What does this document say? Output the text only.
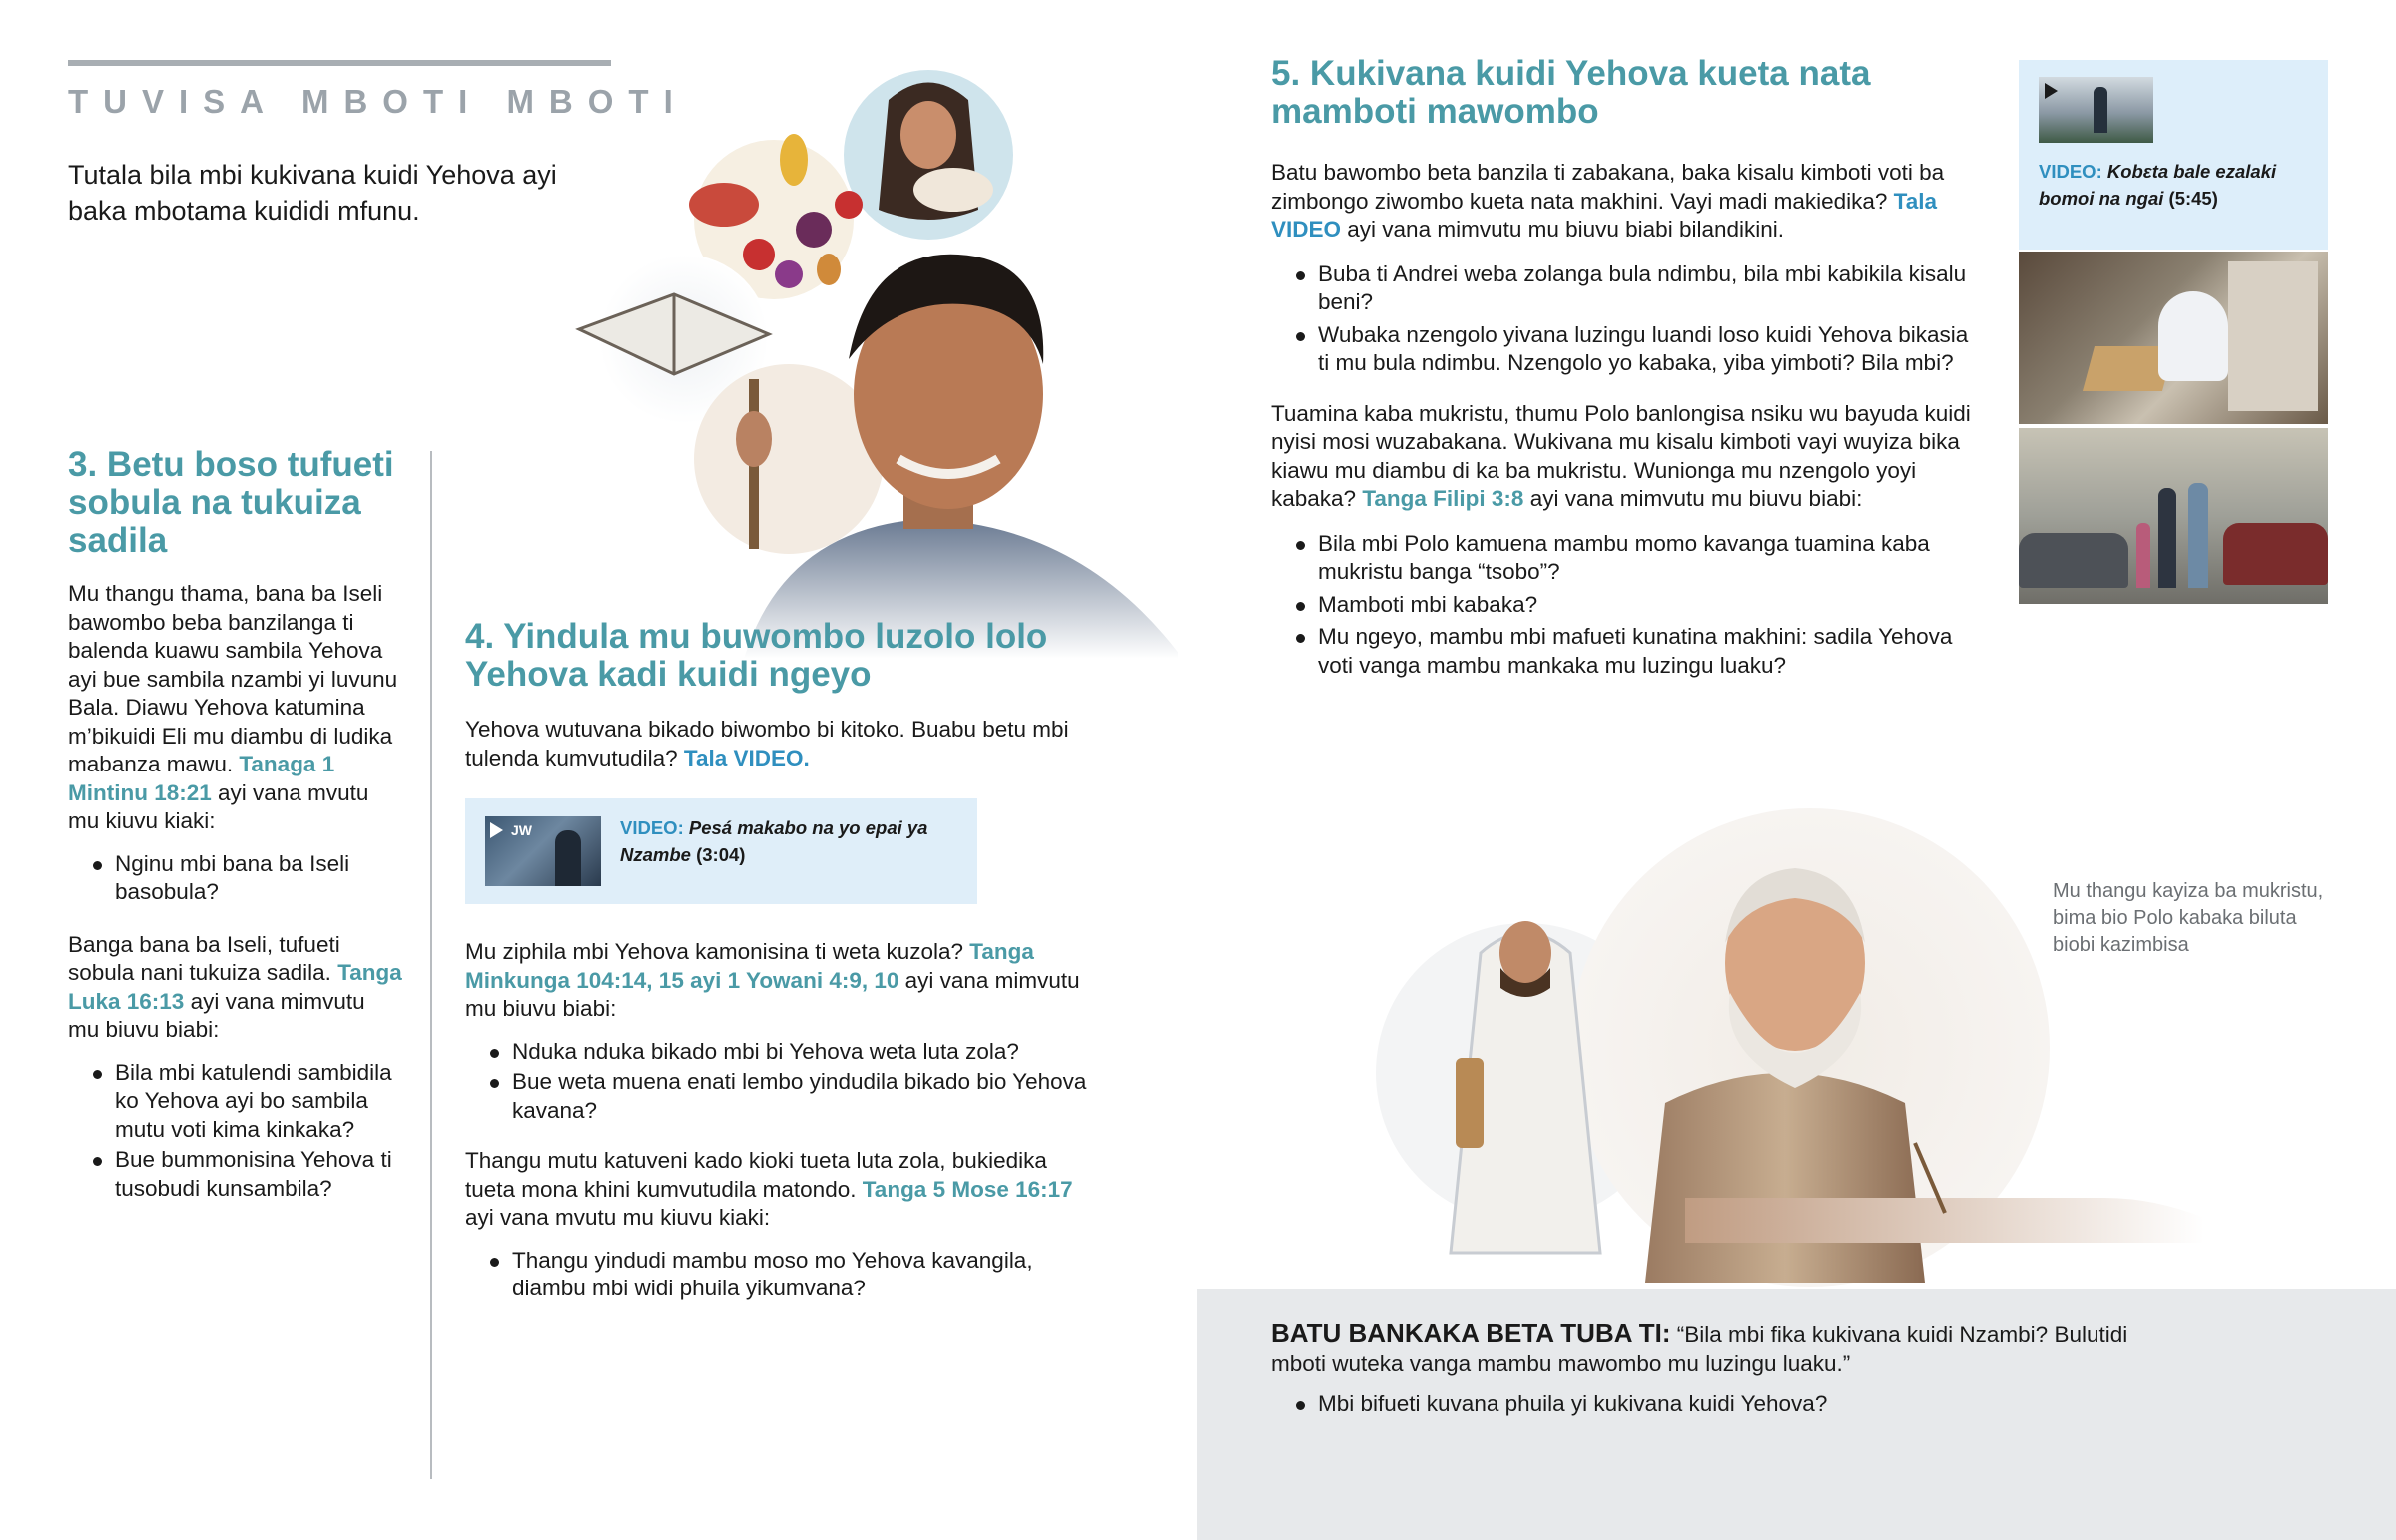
TUVISA MBOTI MBOTI
Tutala bila mbi kukivana kuidi Yehova ayi baka mbotama kuididi mfunu.
3. Betu boso tufueti sobula na tukuiza sadila

Mu thangu thama, bana ba Iseli bawombo beba banzilanga ti balenda kuawu sambila Yehova ayi bue sambila nzambi yi luvunu Bala. Diawu Yehova katumina m’bikuidi Eli mu diambu di ludika mabanza mawu. Tanaga 1 Mintinu 18:21 ayi vana mvutu mu kiuvu kiaki:

Nginu mbi bana ba Iseli basobula?

Banga bana ba Iseli, tufueti sobula nani tukuiza sadila. Tanga Luka 16:13 ayi vana mimvutu mu biuvu biabi:

Bila mbi katulendi sambidila ko Yehova ayi bo sambila mutu voti kima kinkaka?
Bue bummonisina Yehova ti tusobudi kunsambila?
4. Yindula mu buwombo luzolo lolo Yehova kadi kuidi ngeyo

Yehova wutuvana bikado biwombo bi kitoko. Buabu betu mbi tulenda kumvutudila? Tala VIDEO.

JW	VIDEO: Pesá makabo na yo epai ya Nzambe (3:04)

Mu ziphila mbi Yehova kamonisina ti weta kuzola? Tanga Minkunga 104:14, 15 ayi 1 Yowani 4:9, 10 ayi vana mimvutu mu biuvu biabi:

Nduka nduka bikado mbi bi Yehova weta luta zola?
Bue weta muena enati lembo yindudila bikado bio Yehova kavana?

Thangu mutu katuveni kado kioki tueta luta zola, bukiedika tueta mona khini kumvutudila matondo. Tanga 5 Mose 16:17 ayi vana mvutu mu kiuvu kiaki:

Thangu yindudi mambu moso mo Yehova kavangila, diambu mbi widi phuila yikumvana?
5. Kukivana kuidi Yehova kueta nata mamboti mawombo

Batu bawombo beta banzila ti zabakana, baka kisalu kimboti voti ba zimbongo ziwombo kueta nata makhini. Vayi madi makiedika? Tala VIDEO ayi vana mimvutu mu biuvu biabi bilandikini.

Buba ti Andrei weba zolanga bula ndimbu, bila mbi kabikila kisalu beni?
Wubaka nzengolo yivana luzingu luandi loso kuidi Yehova bikasia ti mu bula ndimbu. Nzengolo yo kabaka, yiba yimboti? Bila mbi?

Tuamina kaba mukristu, thumu Polo banlongisa nsiku wu bayuda kuidi nyisi mosi wuzabakana. Wukivana mu kisalu kimboti vayi wuyiza bika kiawu mu diambu di ka ba mukristu. Wunionga mu nzengolo yoyi kabaka? Tanga Filipi 3:8 ayi vana mimvutu mu biuvu biabi:

Bila mbi Polo kamuena mambu momo kavanga tuamina kaba mukristu banga “tsobo”?
Mamboti mbi kabaka?
Mu ngeyo, mambu mbi mafueti kunatina makhini: sadila Yehova voti vanga mambu mankaka mu luzingu luaku?
VIDEO: Kobɛta bale ezalaki bomoi na ngai (5:45)
Mu thangu kayiza ba mukristu, bima bio Polo kabaka biluta biobi kazimbisa

BATU BANKAKA BETA TUBA TI: “Bila mbi fika kukivana kuidi Nzambi? Bulutidi mboti wuteka vanga mambu mawombo mu luzingu luaku.”

Mbi bifueti kuvana phuila yi kukivana kuidi Yehova?
